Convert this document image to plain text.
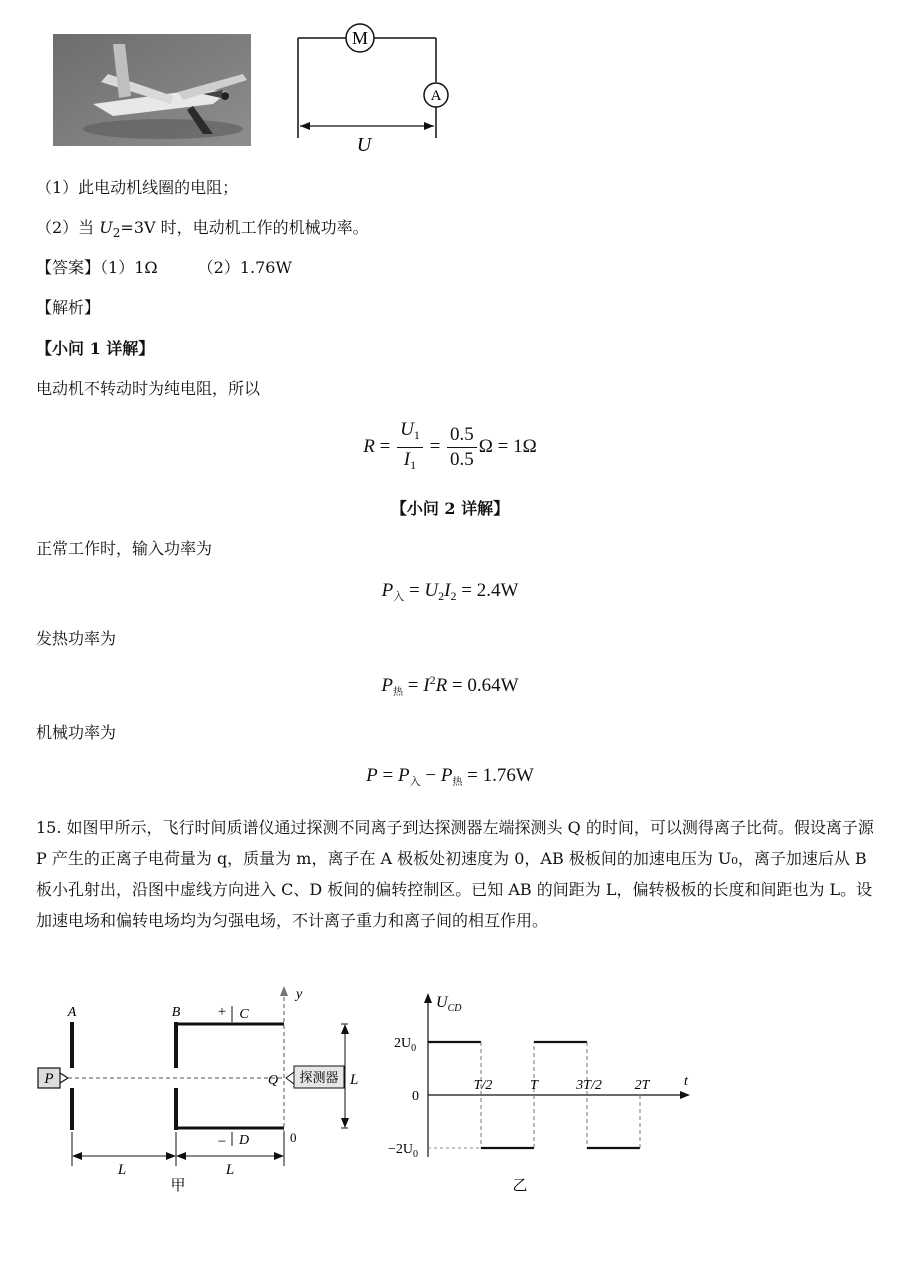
M
A
U
（1）此电动机线圈的电阻；
（2）当 $U_2=3V$ 时，电动机工作的机械功率。
【答案】（1）1Ω	（2）1.76W
【解析】
【小问 1 详解】
电动机不转动时为纯电阻，所以
$R = \frac{U_1}{I_1} = \frac{0.5}{0.5}$ Ω = 1Ω
【小问 2 详解】
正常工作时，输入功率为
$P_入 = U_2I_2 = 2.4W$
发热功率为
$P_热 = I^2R = 0.64W$
机械功率为
$P = P_入 - P_热 = 1.76W$
15. 如图甲所示，飞行时间质谱仪通过探测不同离子到达探测器左端探测头 Q 的时间，可以测得离子比荷。假设离子源 P 产生的正离子电荷量为 q，质量为 m，离子在 A 极板处初速度为 0，AB 极板间的加速电压为 U₀，离子加速后从 B 板小孔射出，沿图中虚线方向进入 C、D 板间的偏转控制区。已知 AB 的间距为 L，偏转极板的长度和间距也为 L。设加速电场和偏转电场均为匀强电场，不计离子重力和离子间的相互作用。
P
A	B + C
− D
y
0
Q 探测器 L
L	L
甲
$U_{CD}$
t
$2U_0$
0
$-2U_0$
T/2	T	3T/2 2T
乙
